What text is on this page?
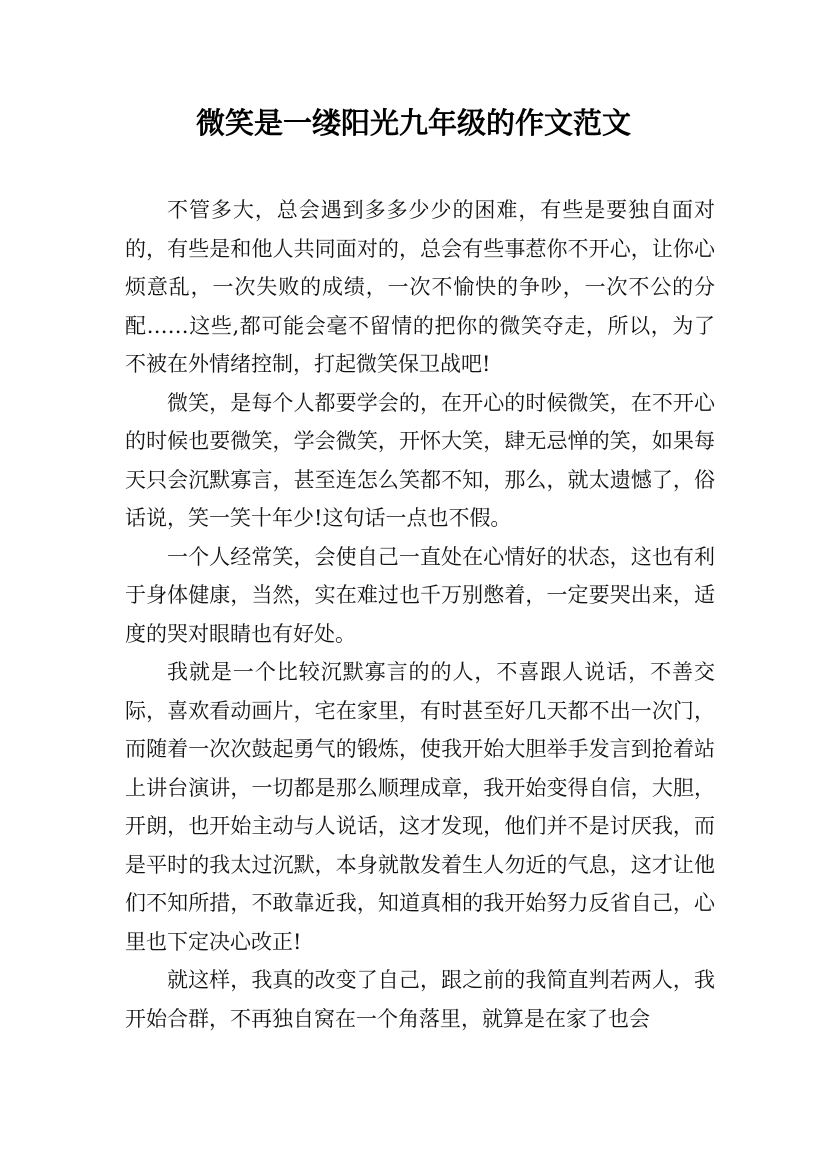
微笑是一缕阳光九年级的作文范文

不管多大，总会遇到多多少少的困难，有些是要独自面对的，有些是和他人共同面对的，总会有些事惹你不开心，让你心烦意乱，一次失败的成绩，一次不愉快的争吵，一次不公的分配……这些,都可能会毫不留情的把你的微笑夺走，所以，为了不被在外情绪控制，打起微笑保卫战吧!

微笑，是每个人都要学会的，在开心的时候微笑，在不开心的时候也要微笑，学会微笑，开怀大笑，肆无忌惮的笑，如果每天只会沉默寡言，甚至连怎么笑都不知，那么，就太遗憾了，俗话说，笑一笑十年少!这句话一点也不假。

一个人经常笑，会使自己一直处在心情好的状态，这也有利于身体健康，当然，实在难过也千万别憋着，一定要哭出来，适度的哭对眼睛也有好处。

我就是一个比较沉默寡言的的人，不喜跟人说话，不善交际，喜欢看动画片，宅在家里，有时甚至好几天都不出一次门，而随着一次次鼓起勇气的锻炼，使我开始大胆举手发言到抢着站上讲台演讲，一切都是那么顺理成章，我开始变得自信，大胆，开朗，也开始主动与人说话，这才发现，他们并不是讨厌我，而是平时的我太过沉默，本身就散发着生人勿近的气息，这才让他们不知所措，不敢靠近我，知道真相的我开始努力反省自己，心里也下定决心改正!

就这样，我真的改变了自己，跟之前的我简直判若两人，我开始合群，不再独自窝在一个角落里，就算是在家了也会
